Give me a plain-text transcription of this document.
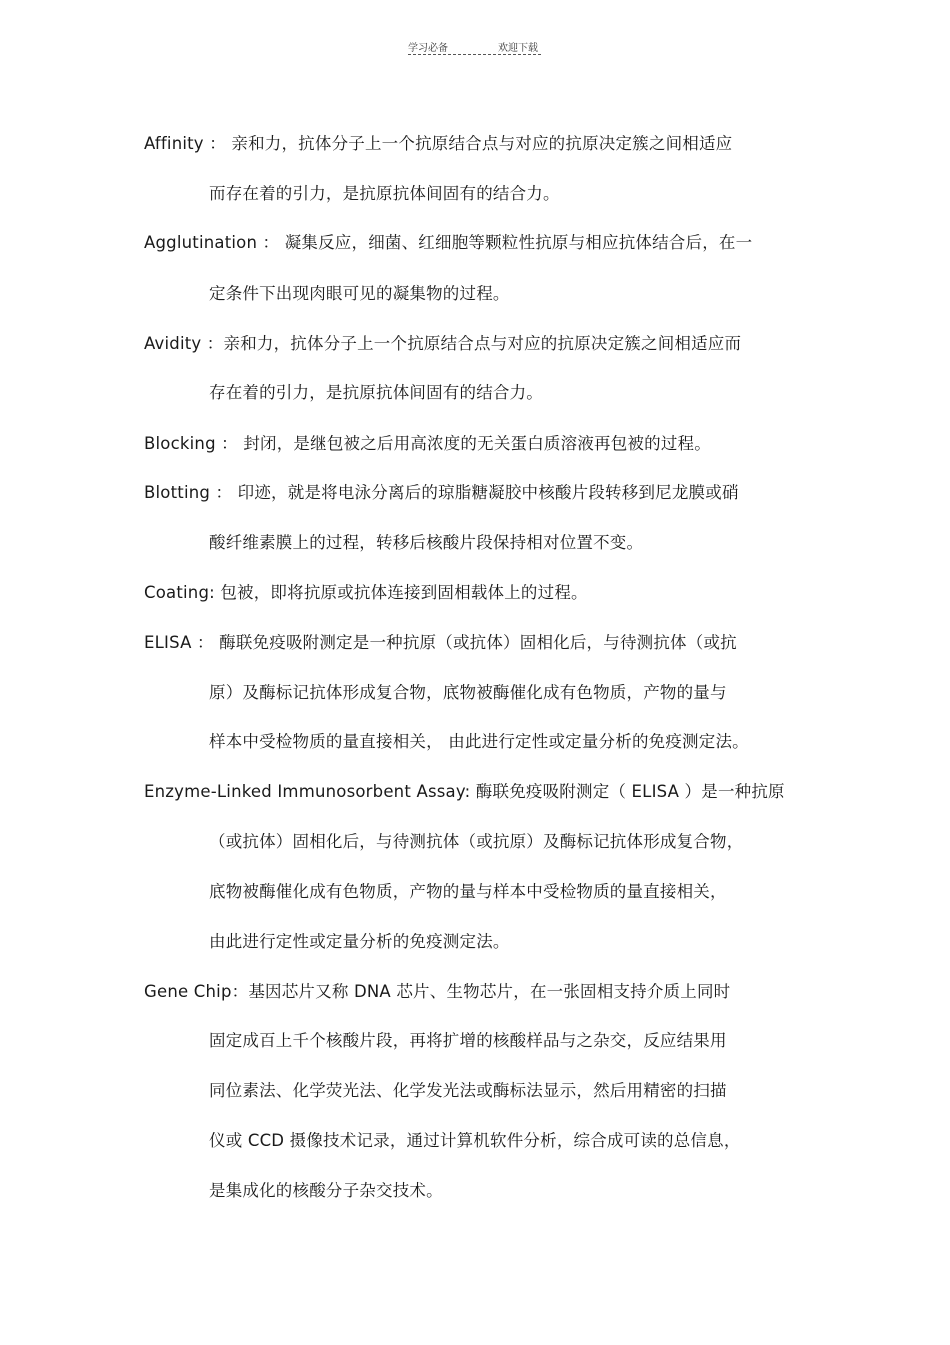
学习必备	欢迎下载
Affinity ： 亲和力，抗体分子上一个抗原结合点与对应的抗原决定簇之间相适应
而存在着的引力，是抗原抗体间固有的结合力。
Agglutination ： 凝集反应，细菌、红细胞等颗粒性抗原与相应抗体结合后，在一
定条件下出现肉眼可见的凝集物的过程。
Avidity ：亲和力，抗体分子上一个抗原结合点与对应的抗原决定簇之间相适应而
存在着的引力，是抗原抗体间固有的结合力。
Blocking ： 封闭，是继包被之后用高浓度的无关蛋白质溶液再包被的过程。
Blotting ： 印迹，就是将电泳分离后的琼脂糖凝胶中核酸片段转移到尼龙膜或硝
酸纤维素膜上的过程，转移后核酸片段保持相对位置不变。
Coating: 包被，即将抗原或抗体连接到固相载体上的过程。
ELISA ： 酶联免疫吸附测定是一种抗原（或抗体）固相化后，与待测抗体（或抗
原）及酶标记抗体形成复合物，底物被酶催化成有色物质，产物的量与
样本中受检物质的量直接相关， 由此进行定性或定量分析的免疫测定法。
Enzyme-Linked Immunosorbent Assay: 酶联免疫吸附测定（ ELISA ）是一种抗原
（或抗体）固相化后，与待测抗体（或抗原）及酶标记抗体形成复合物，
底物被酶催化成有色物质，产物的量与样本中受检物质的量直接相关，
由此进行定性或定量分析的免疫测定法。
Gene Chip：基因芯片又称 DNA 芯片、生物芯片，在一张固相支持介质上同时
固定成百上千个核酸片段，再将扩增的核酸样品与之杂交，反应结果用
同位素法、化学荧光法、化学发光法或酶标法显示，然后用精密的扫描
仪或 CCD 摄像技术记录，通过计算机软件分析，综合成可读的总信息，
是集成化的核酸分子杂交技术。
